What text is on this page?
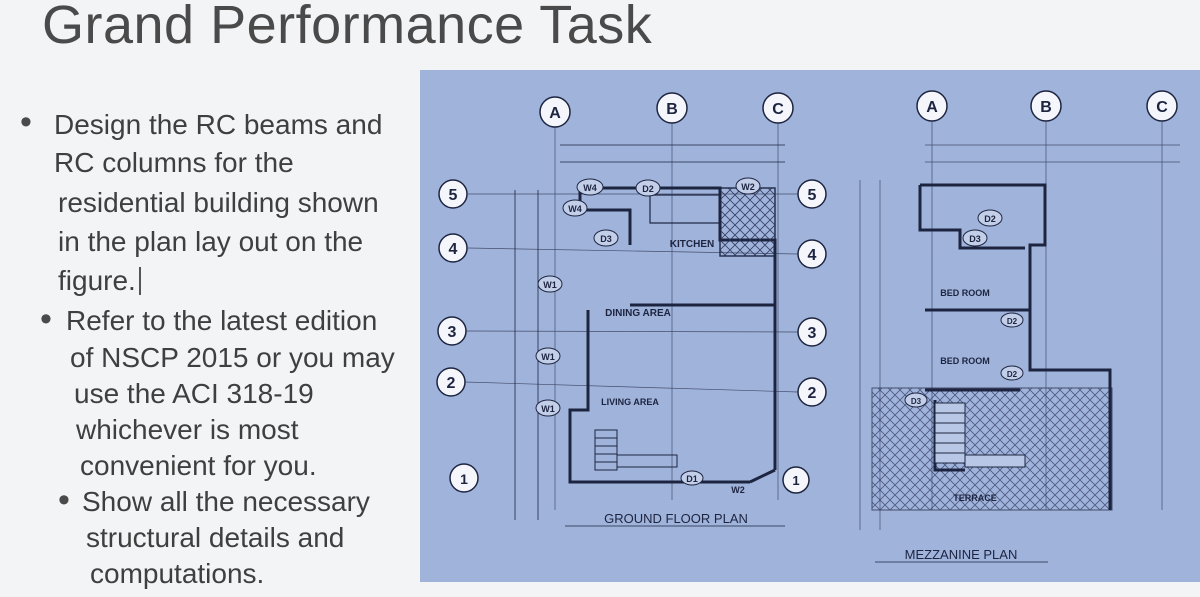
Grand Performance Task
• Design the RC beams and
RC columns for the
residential building shown
in the plan lay out on the
figure.
• Refer to the latest edition
of NSCP 2015 or you may
use the ACI 318-19
whichever is most
convenient for you.
• Show all the necessary
structural details and
computations.
A	B	C
5
4
3
2
1
5
4
3
2
1
W4	D2	W2
W4
D3
W1
W1
W1
D1
W2
KITCHEN
DINING AREA
LIVING AREA
GROUND FLOOR PLAN
A	B	C
D2
D3
D2
D2
D3
BED ROOM
BED ROOM
TERRACE
MEZZANINE PLAN
